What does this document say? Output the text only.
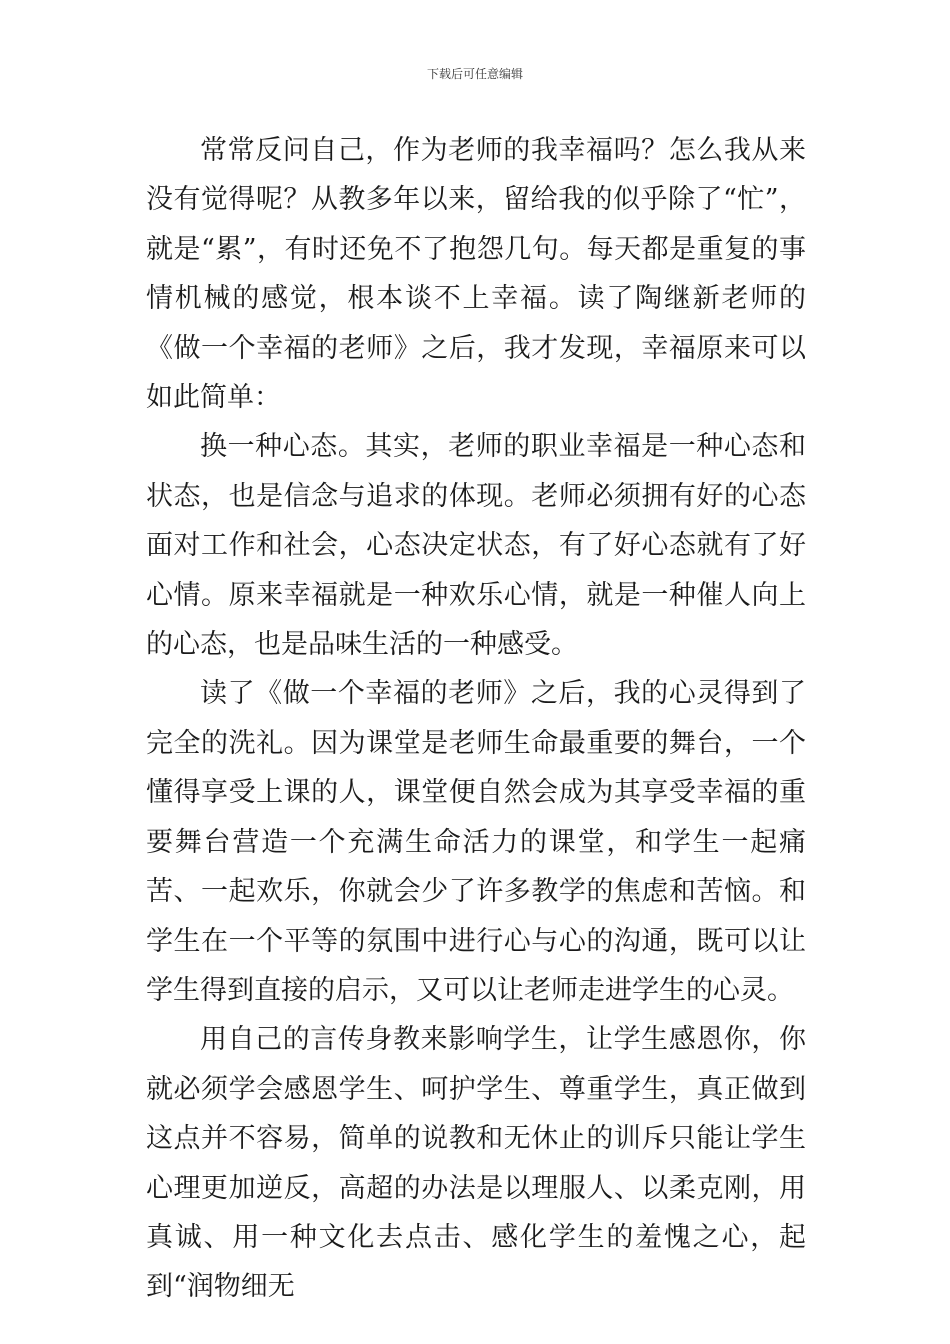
下载后可任意编辑

常常反问自己，作为老师的我幸福吗？怎么我从来没有觉得呢？从教多年以来，留给我的似乎除了“忙”，就是“累”，有时还免不了抱怨几句。每天都是重复的事情机械的感觉，根本谈不上幸福。读了陶继新老师的《做一个幸福的老师》之后，我才发现，幸福原来可以如此简单：

换一种心态。其实，老师的职业幸福是一种心态和状态，也是信念与追求的体现。老师必须拥有好的心态面对工作和社会，心态决定状态，有了好心态就有了好心情。原来幸福就是一种欢乐心情，就是一种催人向上的心态，也是品味生活的一种感受。

读了《做一个幸福的老师》之后，我的心灵得到了完全的洗礼。因为课堂是老师生命最重要的舞台，一个懂得享受上课的人，课堂便自然会成为其享受幸福的重要舞台营造一个充满生命活力的课堂，和学生一起痛苦、一起欢乐，你就会少了许多教学的焦虑和苦恼。和学生在一个平等的氛围中进行心与心的沟通，既可以让学生得到直接的启示，又可以让老师走进学生的心灵。

用自己的言传身教来影响学生，让学生感恩你，你就必须学会感恩学生、呵护学生、尊重学生，真正做到这点并不容易，简单的说教和无休止的训斥只能让学生心理更加逆反，高超的办法是以理服人、以柔克刚，用真诚、用一种文化去点击、感化学生的羞愧之心，起到“润物细无
